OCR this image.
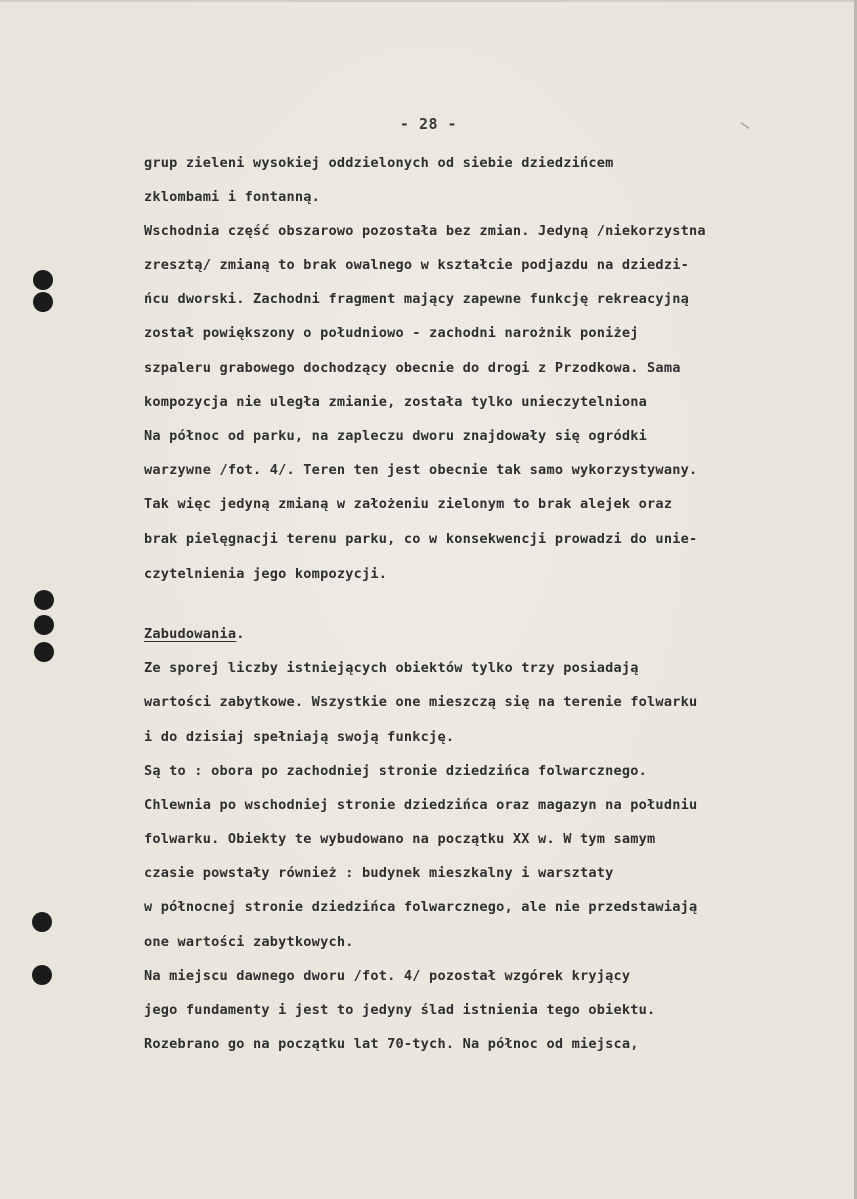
- 28 -
grup zieleni wysokiej oddzielonych od siebie dziedzińcem
zklombami i fontanną.
Wschodnia część obszarowo pozostała bez zmian. Jedyną /niekorzystna
zresztą/ zmianą to brak owalnego w kształcie podjazdu na dziedzi-
ńcu dworski. Zachodni fragment mający zapewne funkcję rekreacyjną
został powiększony o południowo - zachodni narożnik poniżej
szpaleru grabowego dochodzący obecnie do drogi z Przodkowa. Sama
kompozycja nie uległa zmianie, została tylko unieczytelniona
Na północ od parku, na zapleczu dworu znajdowały się ogródki
warzywne /fot. 4/. Teren ten jest obecnie tak samo wykorzystywany.
Tak więc jedyną zmianą w założeniu zielonym to brak alejek oraz
brak pielęgnacji terenu parku, co w konsekwencji prowadzi do unie-
czytelnienia jego kompozycji.
Zabudowania.
Ze sporej liczby istniejących obiektów tylko trzy posiadają
wartości zabytkowe. Wszystkie one mieszczą się na terenie folwarku
i do dzisiaj spełniają swoją funkcję.
Są to : obora po zachodniej stronie dziedzińca folwarcznego.
Chlewnia po wschodniej stronie dziedzińca oraz magazyn na południu
folwarku. Obiekty te wybudowano na początku XX w. W tym samym
czasie powstały również : budynek mieszkalny i warsztaty
w północnej stronie dziedzińca folwarcznego, ale nie przedstawiają
one wartości zabytkowych.
Na miejscu dawnego dworu /fot. 4/ pozostał wzgórek kryjący
jego fundamenty i jest to jedyny ślad istnienia tego obiektu.
Rozebrano go na początku lat 70-tych. Na północ od miejsca,
